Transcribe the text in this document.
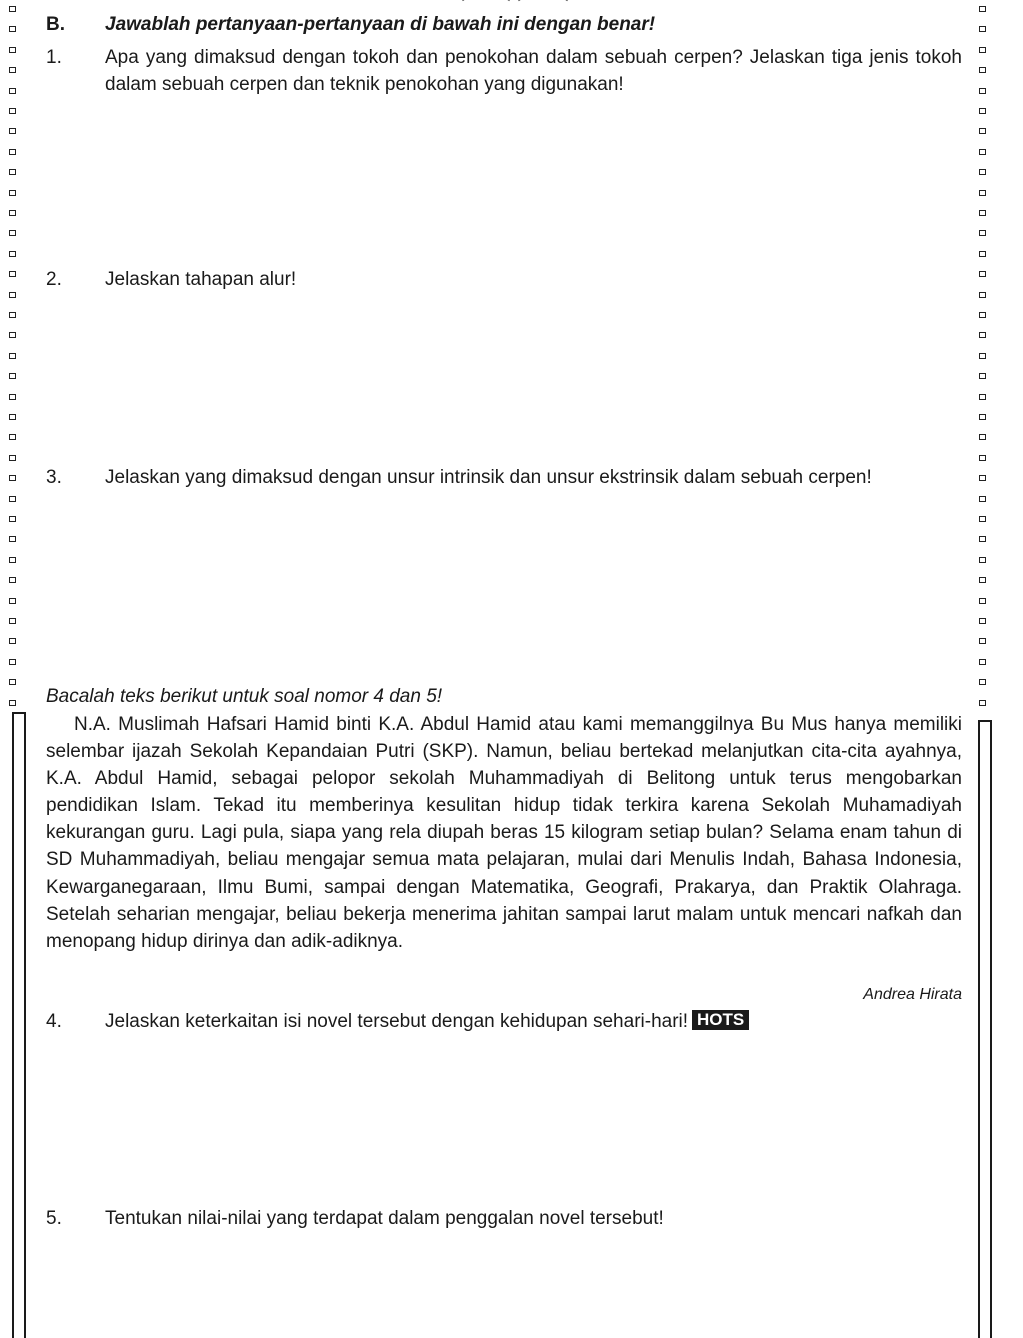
B. Jawablah pertanyaan-pertanyaan di bawah ini dengan benar!
1. Apa yang dimaksud dengan tokoh dan penokohan dalam sebuah cerpen? Jelaskan tiga jenis tokoh dalam sebuah cerpen dan teknik penokohan yang digunakan!
2. Jelaskan tahapan alur!
3. Jelaskan yang dimaksud dengan unsur intrinsik dan unsur ekstrinsik dalam sebuah cerpen!
Bacalah teks berikut untuk soal nomor 4 dan 5!
N.A. Muslimah Hafsari Hamid binti K.A. Abdul Hamid atau kami memanggilnya Bu Mus hanya memiliki selembar ijazah Sekolah Kepandaian Putri (SKP). Namun, beliau bertekad melanjutkan cita-cita ayahnya, K.A. Abdul Hamid, sebagai pelopor sekolah Muhammadiyah di Belitong untuk terus mengobarkan pendidikan Islam. Tekad itu memberinya kesulitan hidup tidak terkira karena Sekolah Muhamadiyah kekurangan guru. Lagi pula, siapa yang rela diupah beras 15 kilogram setiap bulan? Selama enam tahun di SD Muhammadiyah, beliau mengajar semua mata pelajaran, mulai dari Menulis Indah, Bahasa Indonesia, Kewarganegaraan, Ilmu Bumi, sampai dengan Matematika, Geografi, Prakarya, dan Praktik Olahraga. Setelah seharian mengajar, beliau bekerja menerima jahitan sampai larut malam untuk mencari nafkah dan menopang hidup dirinya dan adik-adiknya.
Andrea Hirata
4. Jelaskan keterkaitan isi novel tersebut dengan kehidupan sehari-hari! HOTS
5. Tentukan nilai-nilai yang terdapat dalam penggalan novel tersebut!
